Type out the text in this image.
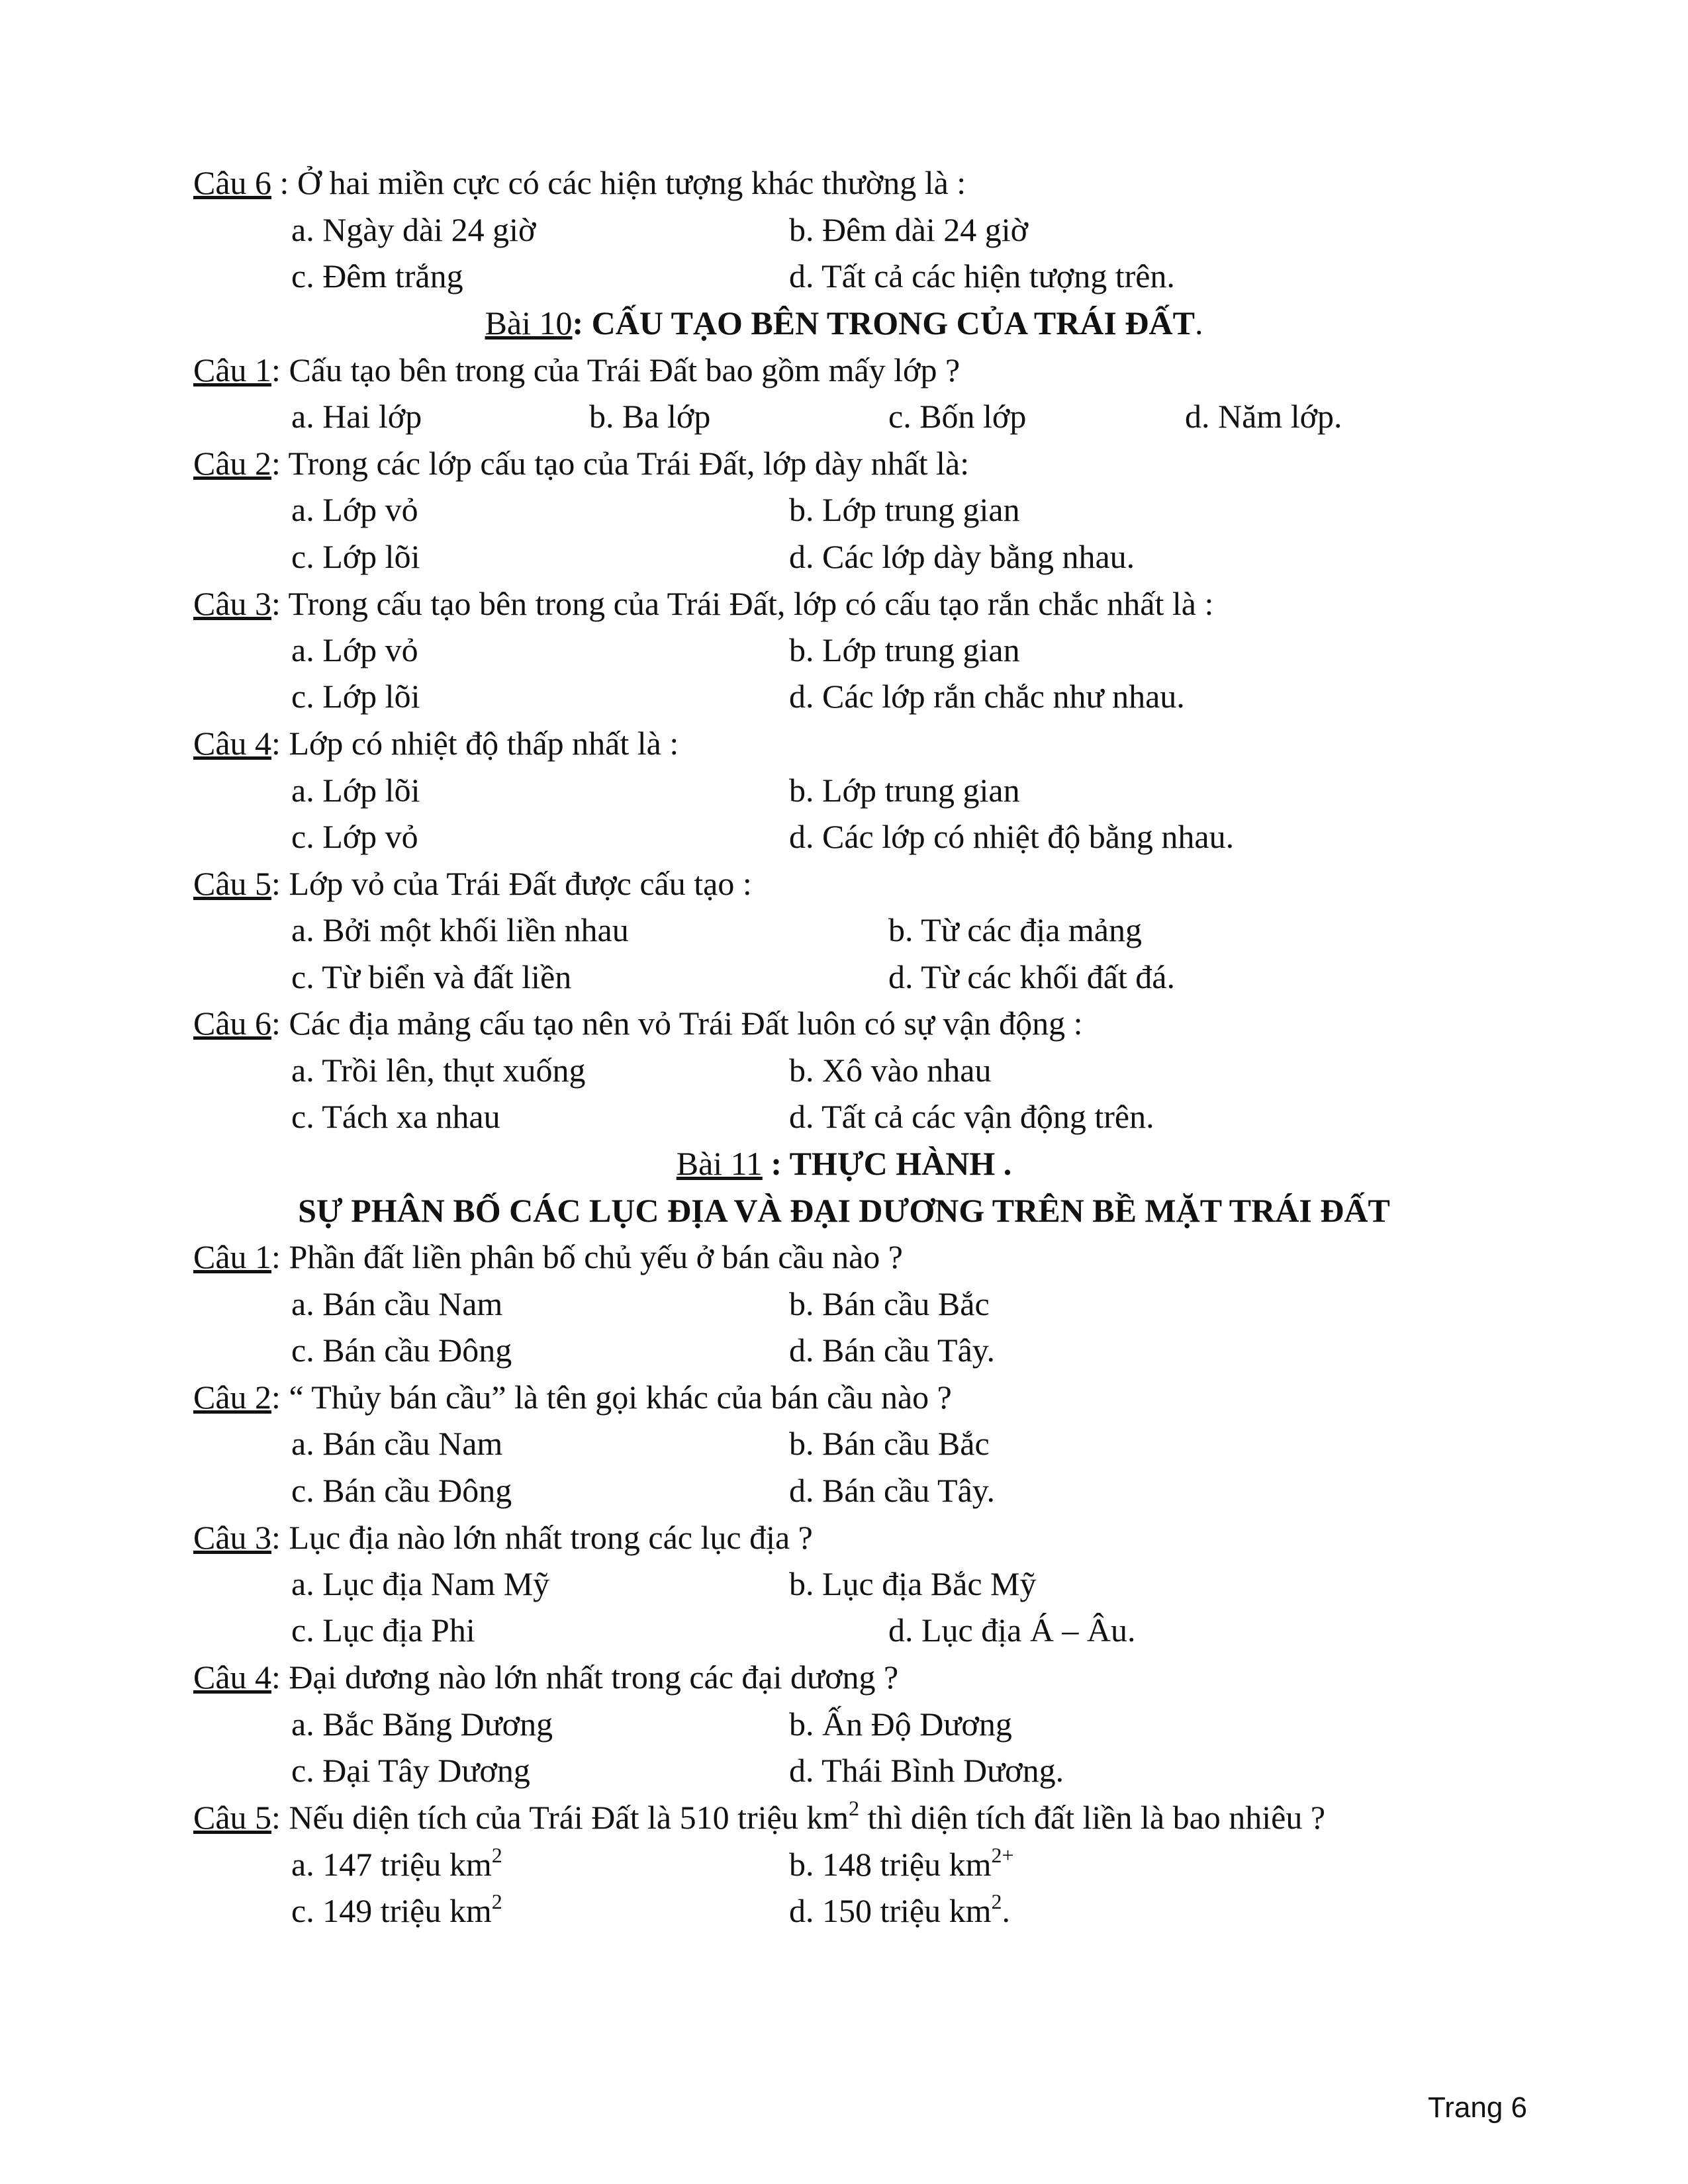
Câu 6 : Ở hai miền cực có các hiện tượng khác thường là :
a. Ngày dài 24 giờ	b. Đêm dài 24 giờ
c. Đêm trắng	d. Tất cả các hiện tượng trên.
Bài 10: CẤU TẠO BÊN TRONG CỦA TRÁI ĐẤT.
Câu 1: Cấu tạo bên trong của Trái Đất bao gồm mấy lớp ?
a. Hai lớp	b. Ba lớp	c. Bốn lớp	d. Năm lớp.
Câu 2: Trong các lớp cấu tạo của Trái Đất, lớp dày nhất là:
a. Lớp vỏ	b. Lớp trung gian
c. Lớp lõi	d. Các lớp dày bằng nhau.
Câu 3: Trong cấu tạo bên trong của Trái Đất, lớp có cấu tạo rắn chắc nhất là :
a. Lớp vỏ	b. Lớp trung gian
c. Lớp lõi	d. Các lớp rắn chắc như nhau.
Câu 4: Lớp có nhiệt độ thấp nhất là :
a. Lớp lõi	b. Lớp trung gian
c. Lớp vỏ	d. Các lớp có nhiệt độ bằng nhau.
Câu 5: Lớp vỏ của Trái Đất được cấu tạo :
a. Bởi một khối liền nhau	b. Từ các địa mảng
c. Từ biển và đất liền	d. Từ các khối đất đá.
Câu 6: Các địa mảng cấu tạo nên vỏ Trái Đất luôn có sự vận động :
a. Trồi lên, thụt xuống	b. Xô vào nhau
c. Tách xa nhau	d. Tất cả các vận động trên.
Bài 11 : THỰC HÀNH .
SỰ PHÂN BỐ CÁC LỤC ĐỊA VÀ ĐẠI DƯƠNG TRÊN BỀ MẶT TRÁI ĐẤT
Câu 1: Phần đất liền phân bố chủ yếu ở bán cầu nào ?
a. Bán cầu Nam	b. Bán cầu Bắc
c. Bán cầu Đông	d. Bán cầu Tây.
Câu 2: “ Thủy bán cầu” là tên gọi khác của bán cầu nào ?
a. Bán cầu Nam	b. Bán cầu Bắc
c. Bán cầu Đông	d. Bán cầu Tây.
Câu 3: Lục địa nào lớn nhất trong các lục địa ?
a. Lục địa Nam Mỹ	b. Lục địa Bắc Mỹ
c. Lục địa Phi	d. Lục địa Á – Âu.
Câu 4: Đại dương nào lớn nhất trong các đại dương ?
a. Bắc Băng Dương	b. Ấn Độ Dương
c. Đại Tây Dương	d. Thái Bình Dương.
Câu 5: Nếu diện tích của Trái Đất là 510 triệu $km^2$ thì diện tích đất liền là bao nhiêu ?
a. 147 triệu $km^2$	b. 148 triệu $km^{2+}$
c. 149 triệu $km^2$	d. 150 triệu $km^2$.
Trang 6
